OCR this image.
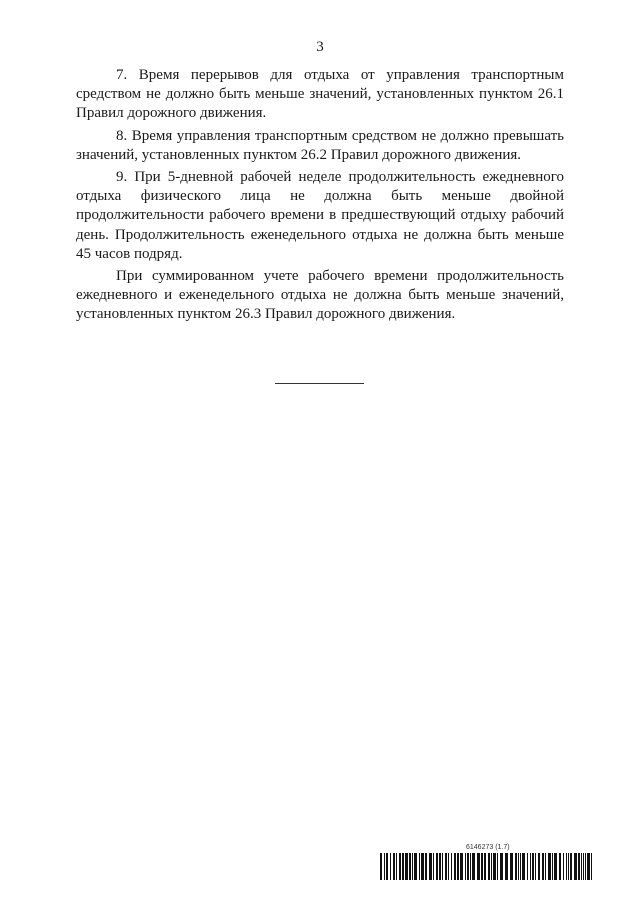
3

7. Время перерывов для отдыха от управления транспортным средством не должно быть меньше значений, установленных пунктом 26.1 Правил дорожного движения.

8. Время управления транспортным средством не должно превышать значений, установленных пунктом 26.2 Правил дорожного движения.

9. При 5-дневной рабочей неделе продолжительность ежедневного отдыха физического лица не должна быть меньше двойной продолжительности рабочего времени в предшествующий отдыху рабочий день. Продолжительность еженедельного отдыха не должна быть меньше 45 часов подряд.

При суммированном учете рабочего времени продолжительность ежедневного и еженедельного отдыха не должна быть меньше значений, установленных пунктом 26.3 Правил дорожного движения.

6146273 (1.7)
